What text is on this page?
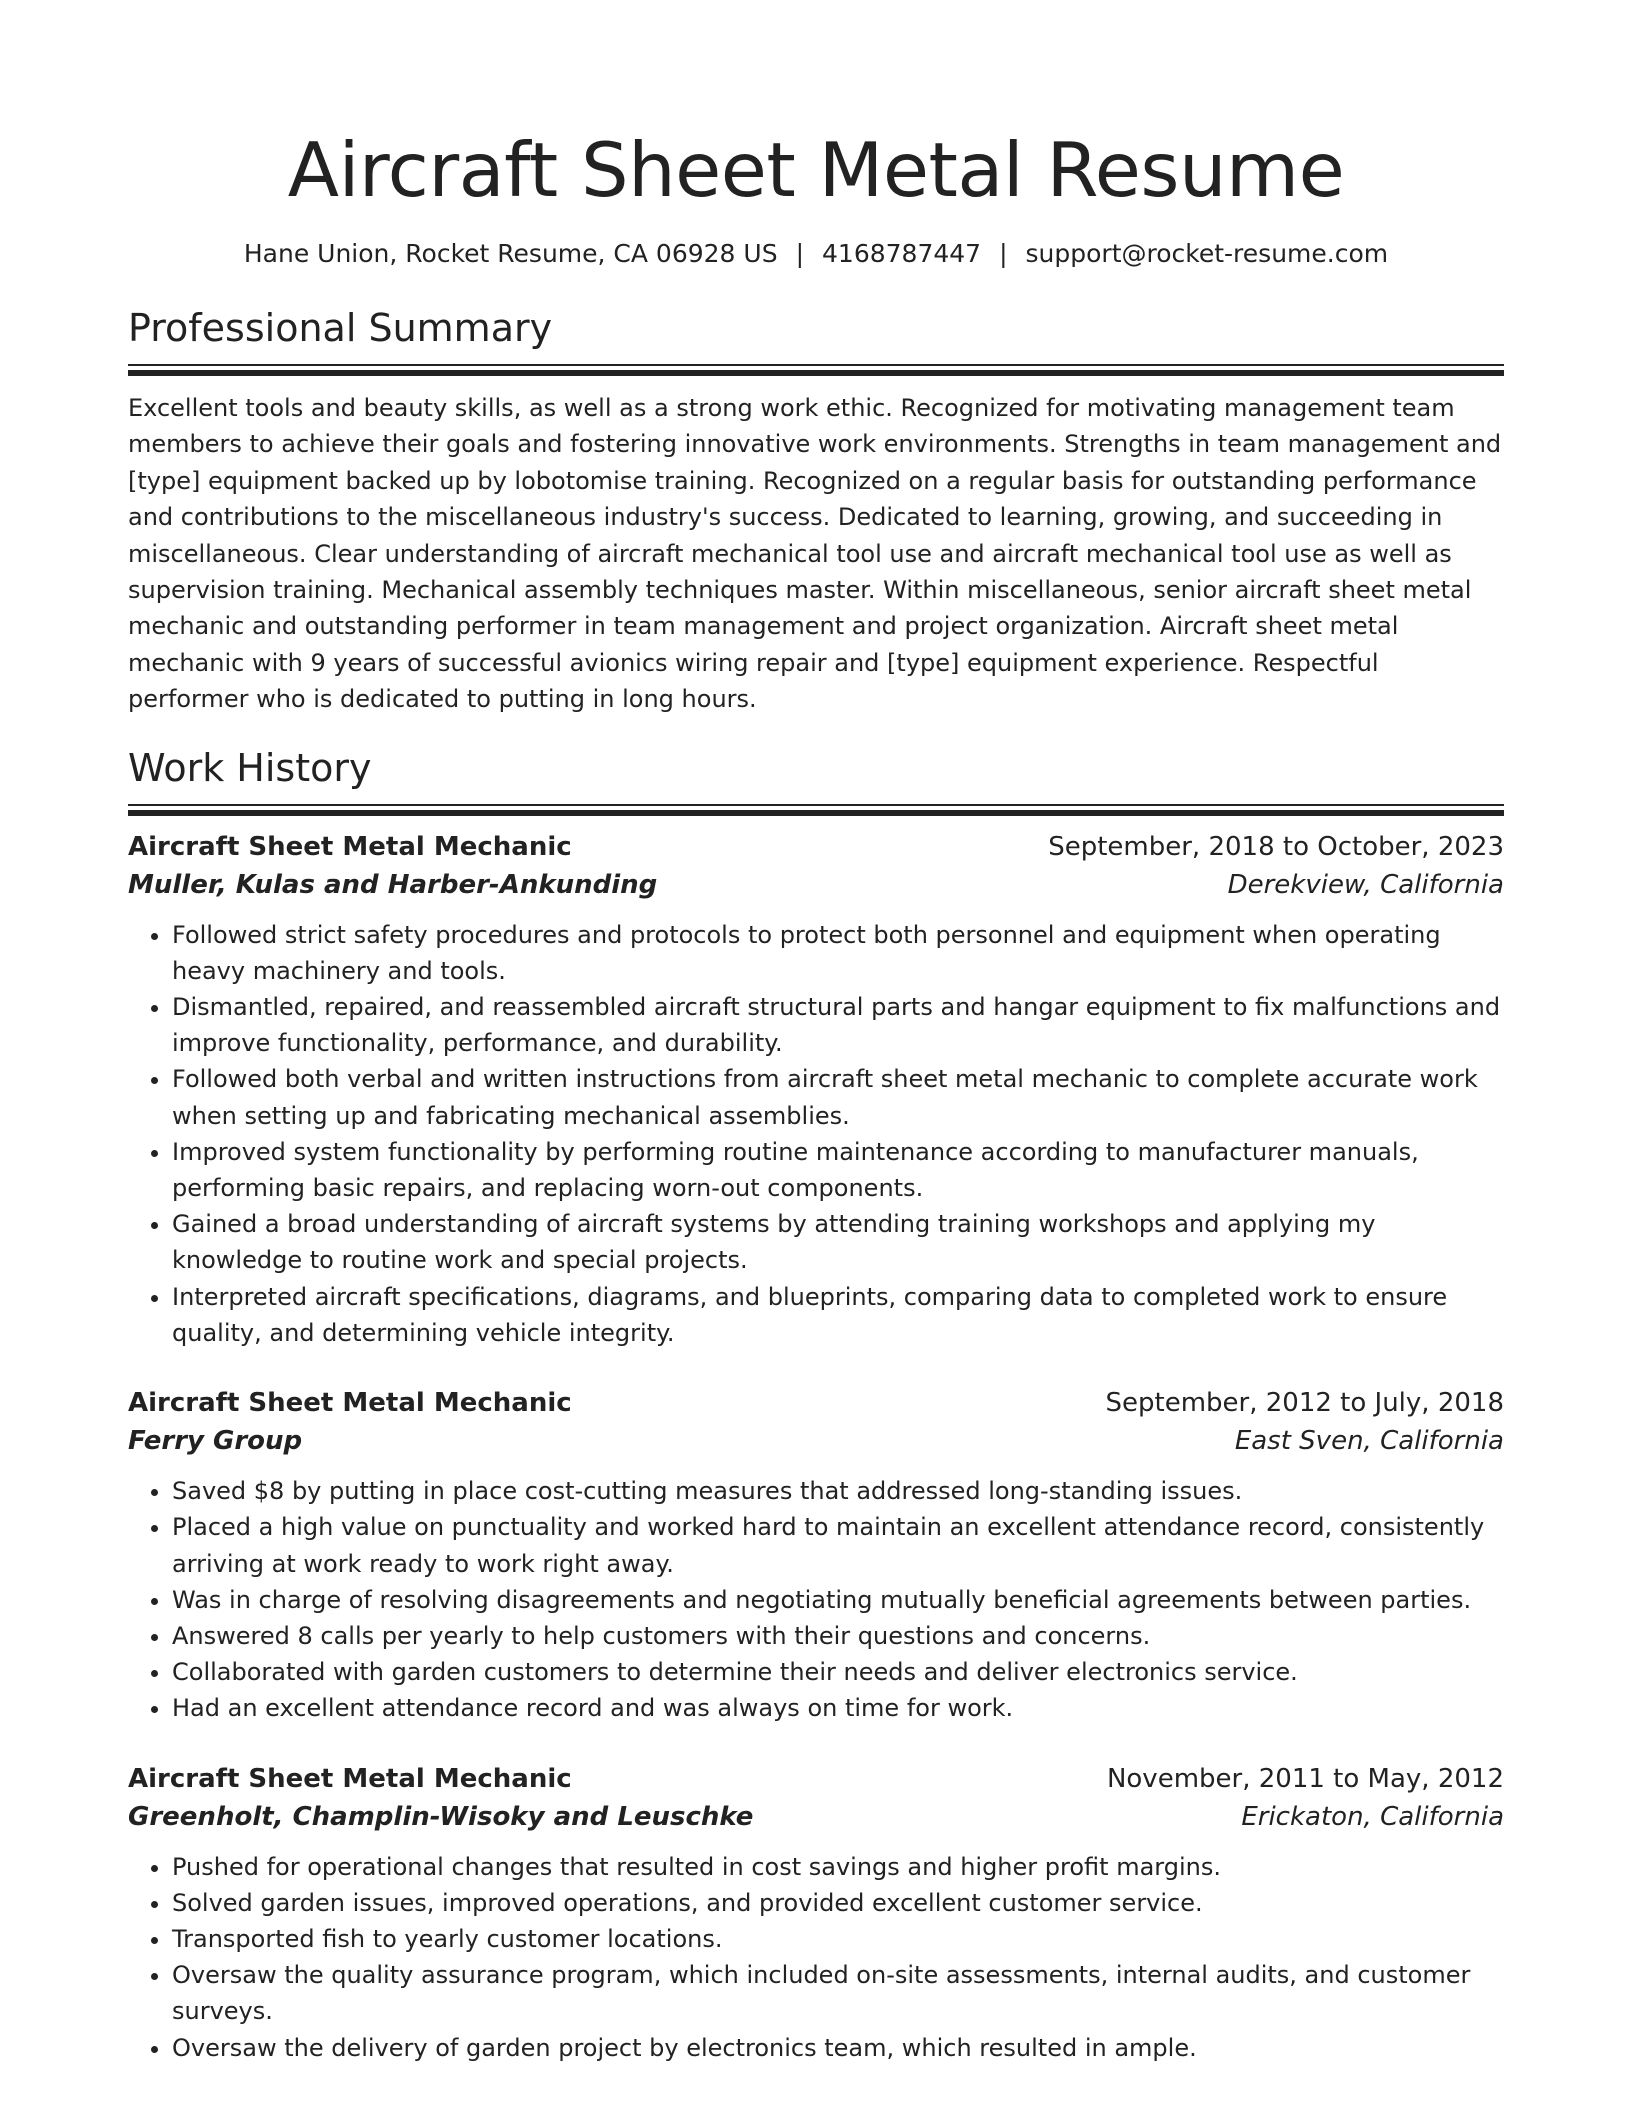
Aircraft Sheet Metal Resume
Hane Union, Rocket Resume, CA 06928 US | 4168787447 | support@rocket-resume.com
Professional Summary

Excellent tools and beauty skills, as well as a strong work ethic. Recognized for motivating management team members to achieve their goals and fostering innovative work environments. Strengths in team management and [type] equipment backed up by lobotomise training. Recognized on a regular basis for outstanding performance and contributions to the miscellaneous industry's success. Dedicated to learning, growing, and succeeding in miscellaneous. Clear understanding of aircraft mechanical tool use and aircraft mechanical tool use as well as supervision training. Mechanical assembly techniques master. Within miscellaneous, senior aircraft sheet metal mechanic and outstanding performer in team management and project organization. Aircraft sheet metal mechanic with 9 years of successful avionics wiring repair and [type] equipment experience. Respectful performer who is dedicated to putting in long hours.

Work History
Aircraft Sheet Metal Mechanic	September, 2018 to October, 2023
Muller, Kulas and Harber-Ankunding	Derekview, California
• Followed strict safety procedures and protocols to protect both personnel and equipment when operating heavy machinery and tools.
• Dismantled, repaired, and reassembled aircraft structural parts and hangar equipment to fix malfunctions and improve functionality, performance, and durability.
• Followed both verbal and written instructions from aircraft sheet metal mechanic to complete accurate work when setting up and fabricating mechanical assemblies.
• Improved system functionality by performing routine maintenance according to manufacturer manuals, performing basic repairs, and replacing worn-out components.
• Gained a broad understanding of aircraft systems by attending training workshops and applying my knowledge to routine work and special projects.
• Interpreted aircraft specifications, diagrams, and blueprints, comparing data to completed work to ensure quality, and determining vehicle integrity.
Aircraft Sheet Metal Mechanic	September, 2012 to July, 2018
Ferry Group	East Sven, California
• Saved $8 by putting in place cost-cutting measures that addressed long-standing issues.
• Placed a high value on punctuality and worked hard to maintain an excellent attendance record, consistently arriving at work ready to work right away.
• Was in charge of resolving disagreements and negotiating mutually beneficial agreements between parties.
• Answered 8 calls per yearly to help customers with their questions and concerns.
• Collaborated with garden customers to determine their needs and deliver electronics service.
• Had an excellent attendance record and was always on time for work.
Aircraft Sheet Metal Mechanic	November, 2011 to May, 2012
Greenholt, Champlin-Wisoky and Leuschke	Erickaton, California
• Pushed for operational changes that resulted in cost savings and higher profit margins.
• Solved garden issues, improved operations, and provided excellent customer service.
• Transported fish to yearly customer locations.
• Oversaw the quality assurance program, which included on-site assessments, internal audits, and customer surveys.
• Oversaw the delivery of garden project by electronics team, which resulted in ample.
